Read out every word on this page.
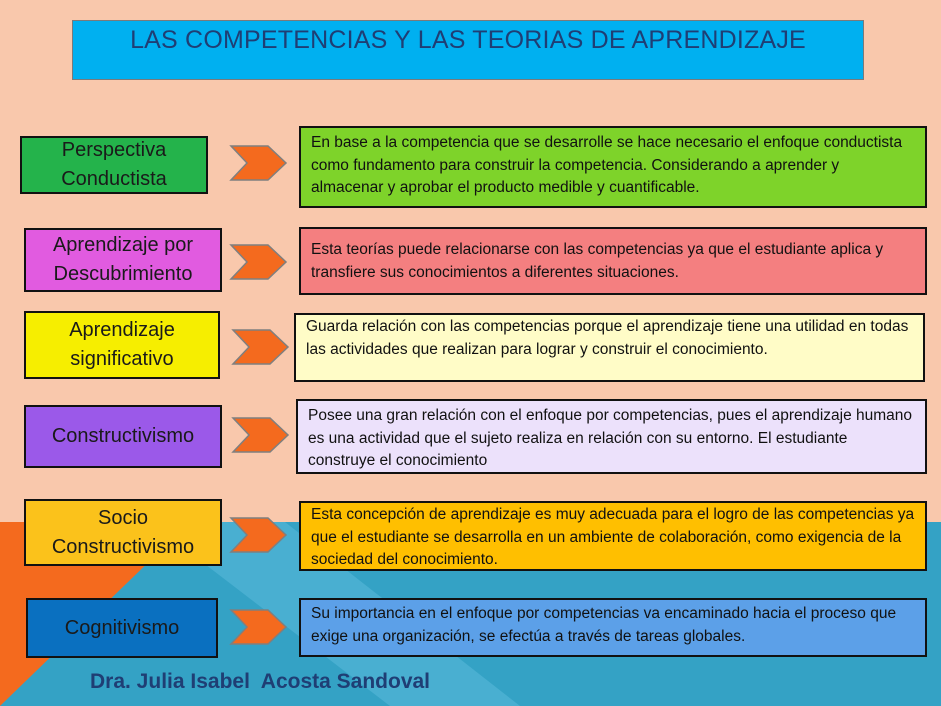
LAS COMPETENCIAS Y LAS TEORIAS DE APRENDIZAJE
Perspectiva Conductista
En base a la competencia que se desarrolle se hace necesario el enfoque conductista como fundamento para construir la competencia. Considerando a aprender y almacenar y aprobar el producto medible y cuantificable.
Aprendizaje por Descubrimiento
Esta teorías puede relacionarse con las competencias ya que el estudiante aplica y transfiere sus conocimientos a diferentes situaciones.
Aprendizaje significativo
Guarda relación con las competencias porque el aprendizaje tiene una utilidad en todas las actividades que realizan para lograr y construir el conocimiento.
Constructivismo
Posee una gran relación con el enfoque por competencias, pues el aprendizaje humano es una actividad que el sujeto realiza en relación con su entorno. El estudiante construye el conocimiento
Socio Constructivismo
Esta concepción de aprendizaje es muy adecuada para el logro de las competencias ya que el estudiante se desarrolla en un ambiente de colaboración, como exigencia de la sociedad del conocimiento.
Cognitivismo
Su importancia en el enfoque por competencias va encaminado hacia el proceso que exige una organización, se efectúa a través de tareas globales.
Dra. Julia Isabel  Acosta Sandoval
